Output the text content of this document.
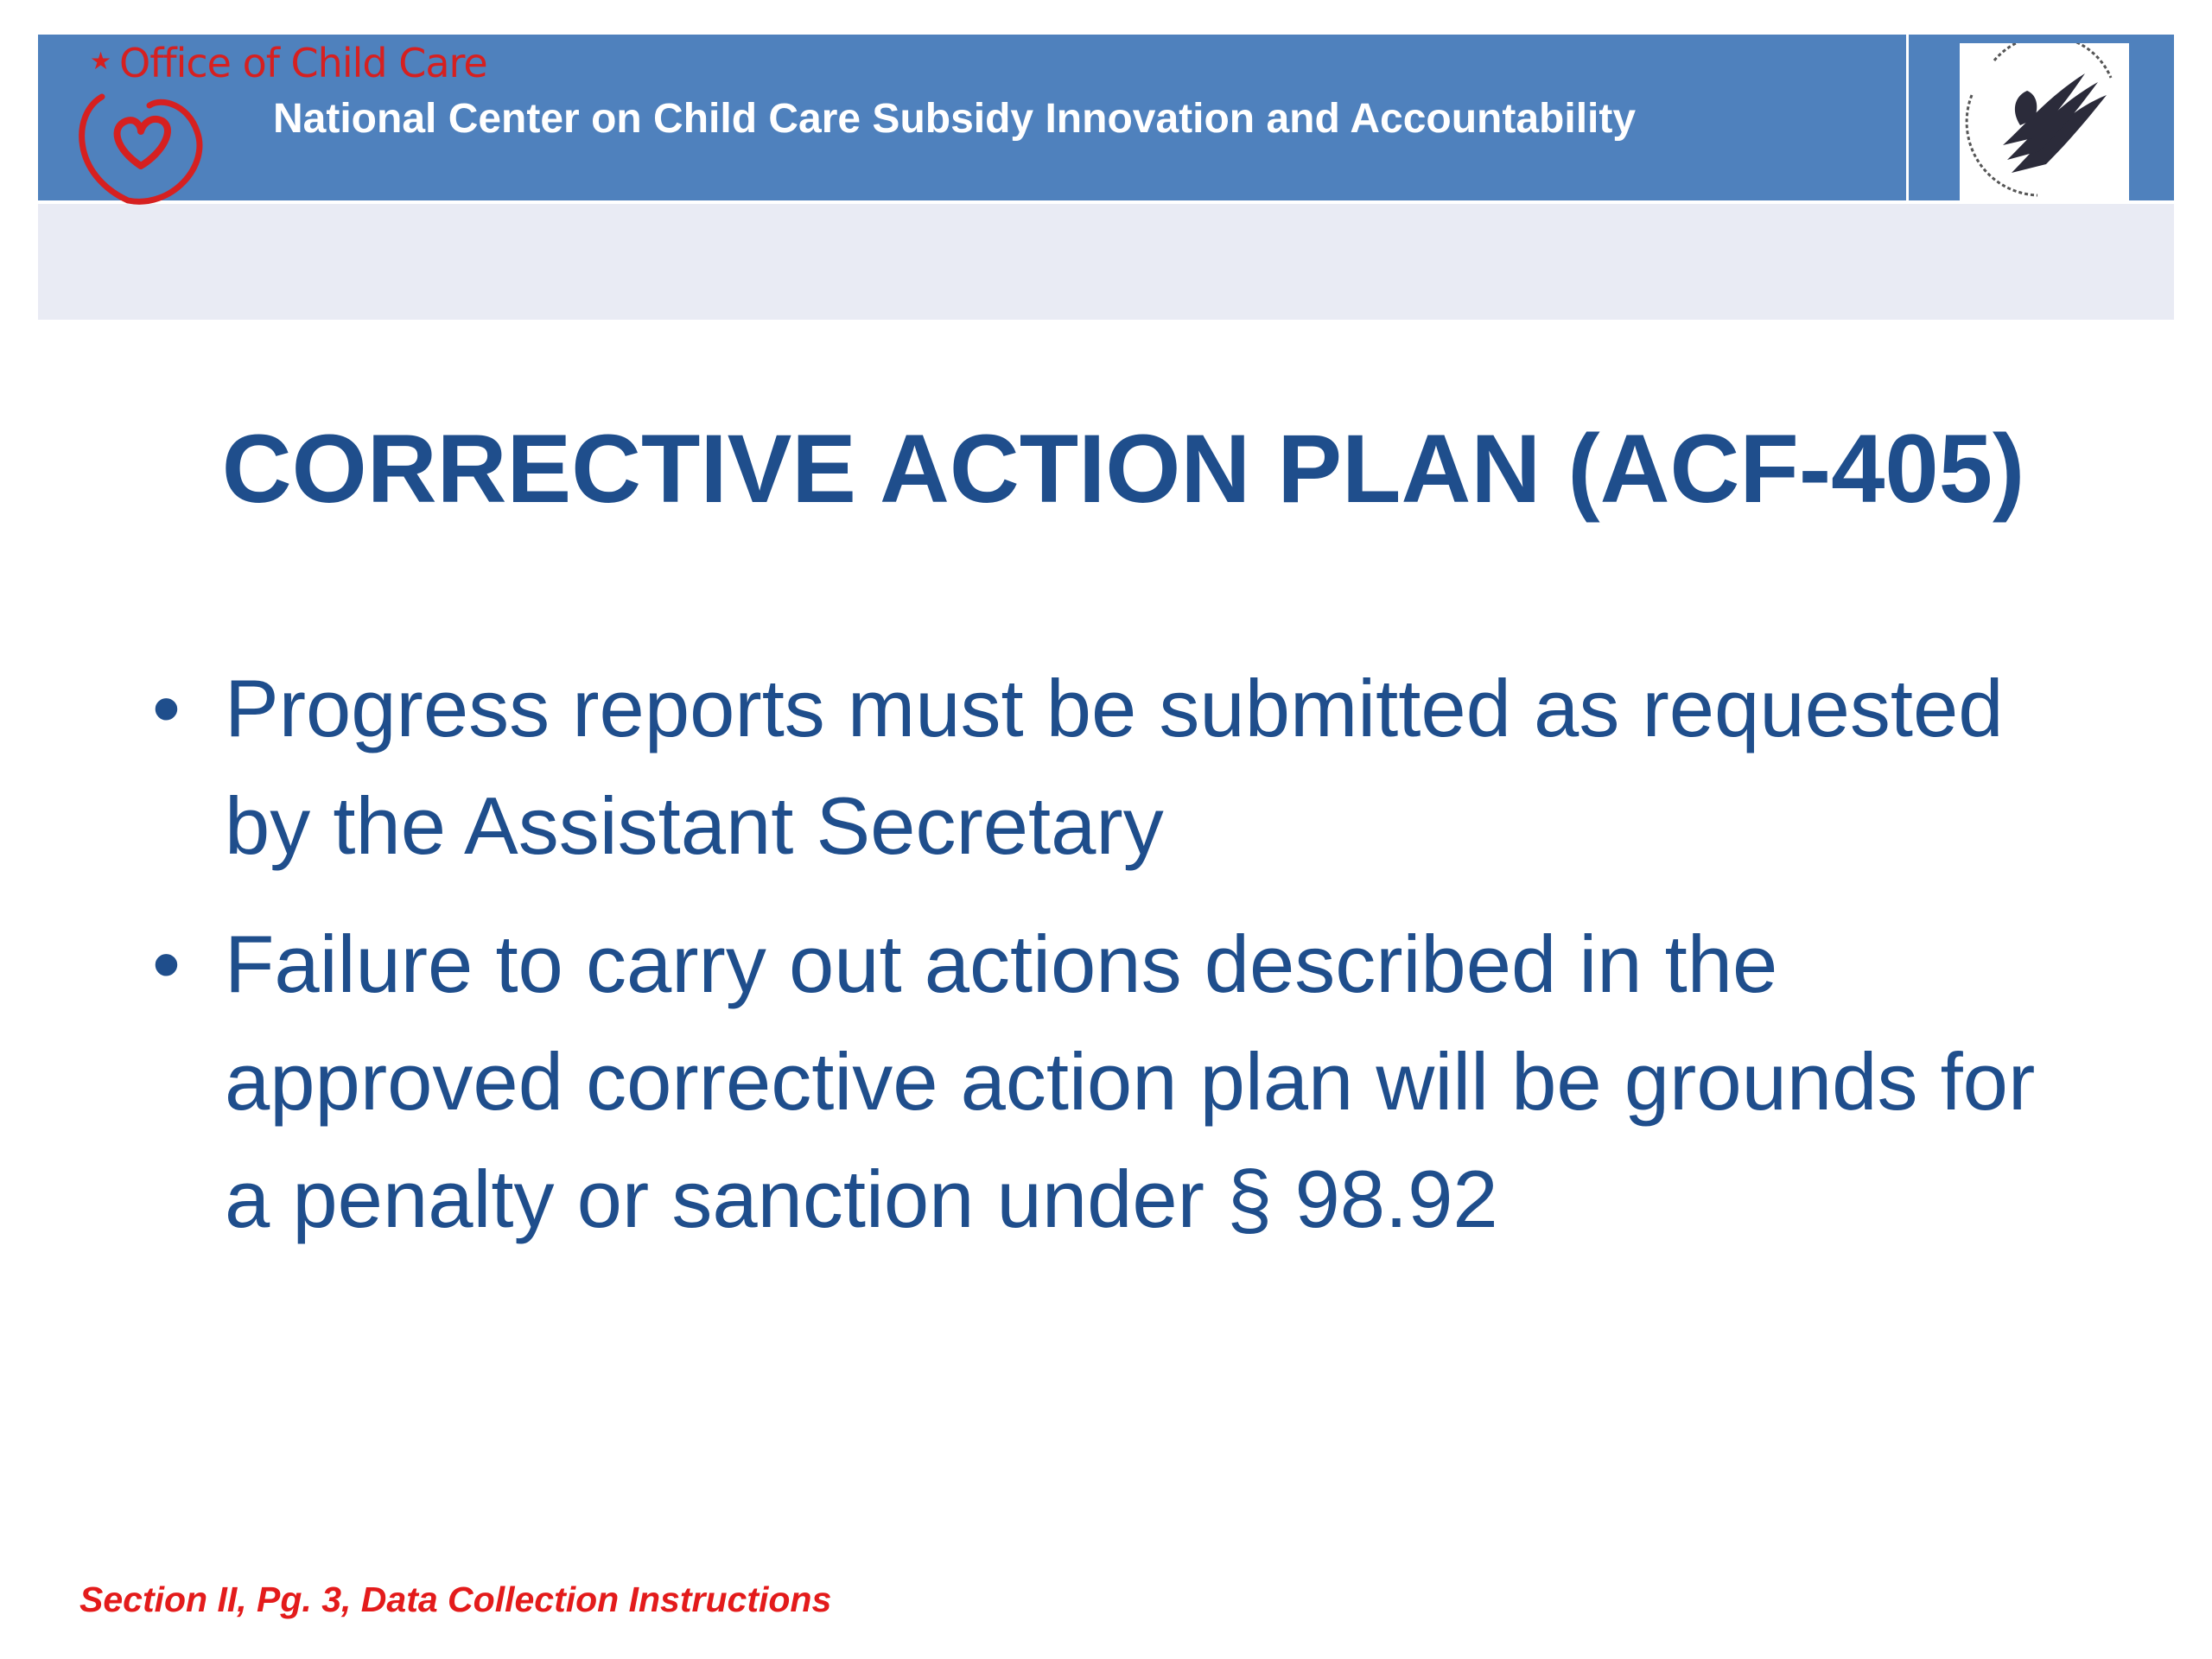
★ Office of Child Care
National Center on Child Care Subsidy Innovation and Accountability
CORRECTIVE ACTION PLAN (ACF-405)
• Progress reports must be submitted as requested by the Assistant Secretary
• Failure to carry out actions described in the approved corrective action plan will be grounds for a penalty or sanction under § 98.92
Section II, Pg. 3, Data Collection Instructions
